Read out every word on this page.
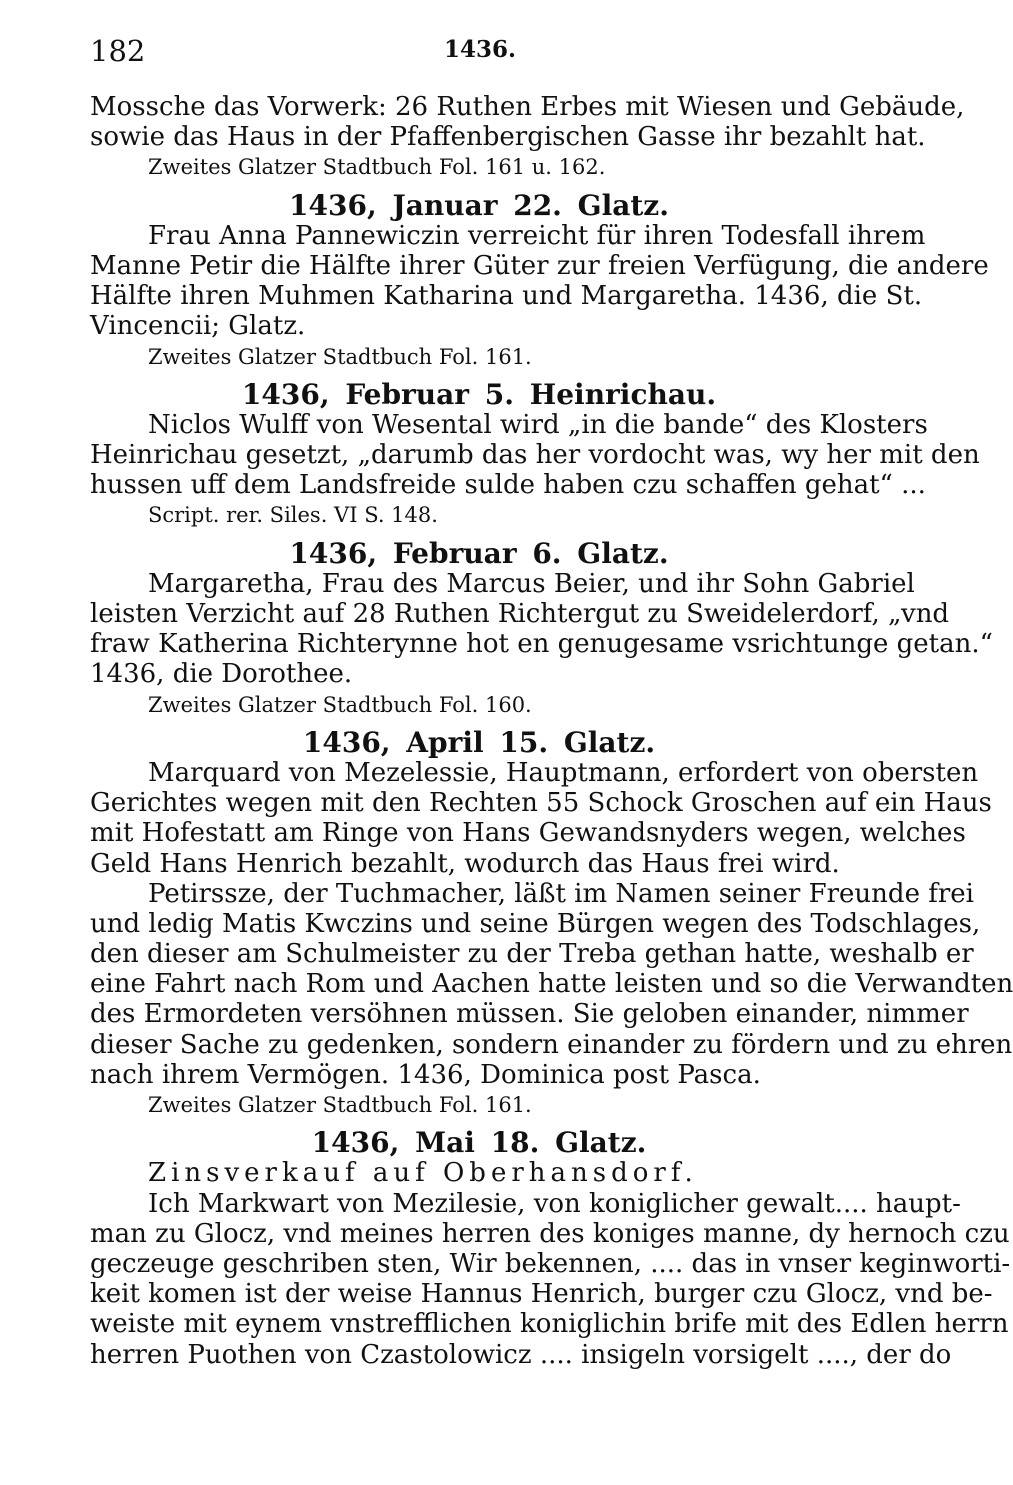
182	1436.
Mossche das Vorwerk: 26 Ruthen Erbes mit Wiesen und Gebäude,
sowie das Haus in der Pfaffenbergischen Gasse ihr bezahlt hat.
Zweites Glatzer Stadtbuch Fol. 161 u. 162.
1436, Januar 22. Glatz.
Frau Anna Pannewiczin verreicht für ihren Todesfall ihrem
Manne Petir die Hälfte ihrer Güter zur freien Verfügung, die andere
Hälfte ihren Muhmen Katharina und Margaretha. 1436, die St.
Vincencii; Glatz.
Zweites Glatzer Stadtbuch Fol. 161.
1436, Februar 5. Heinrichau.
Niclos Wulff von Wesental wird „in die bande“ des Klosters
Heinrichau gesetzt, „darumb das her vordocht was, wy her mit den
hussen uff dem Landsfreide sulde haben czu schaffen gehat“ ...
Script. rer. Siles. VI S. 148.
1436, Februar 6. Glatz.
Margaretha, Frau des Marcus Beier, und ihr Sohn Gabriel
leisten Verzicht auf 28 Ruthen Richtergut zu Sweidelerdorf, „vnd
fraw Katherina Richterynne hot en genugesame vsrichtunge getan.“
1436, die Dorothee.
Zweites Glatzer Stadtbuch Fol. 160.
1436, April 15. Glatz.
Marquard von Mezelessie, Hauptmann, erfordert von obersten
Gerichtes wegen mit den Rechten 55 Schock Groschen auf ein Haus
mit Hofestatt am Ringe von Hans Gewandsnyders wegen, welches
Geld Hans Henrich bezahlt, wodurch das Haus frei wird.
Petirssze, der Tuchmacher, läßt im Namen seiner Freunde frei
und ledig Matis Kwczins und seine Bürgen wegen des Todschlages,
den dieser am Schulmeister zu der Treba gethan hatte, weshalb er
eine Fahrt nach Rom und Aachen hatte leisten und so die Verwandten
des Ermordeten versöhnen müssen. Sie geloben einander, nimmer
dieser Sache zu gedenken, sondern einander zu fördern und zu ehren
nach ihrem Vermögen. 1436, Dominica post Pasca.
Zweites Glatzer Stadtbuch Fol. 161.
1436, Mai 18. Glatz.
Zinsverkauf auf Oberhansdorf.
Ich Markwart von Mezilesie, von koniglicher gewalt.... haupt-
man zu Glocz, vnd meines herren des koniges manne, dy hernoch czu
geczeuge geschriben sten, Wir bekennen, .... das in vnser keginworti-
keit komen ist der weise Hannus Henrich, burger czu Glocz, vnd be-
weiste mit eynem vnstrefflichen koniglichin brife mit des Edlen herrn
herren Puothen von Czastolowicz .... insigeln vorsigelt ...., der do
